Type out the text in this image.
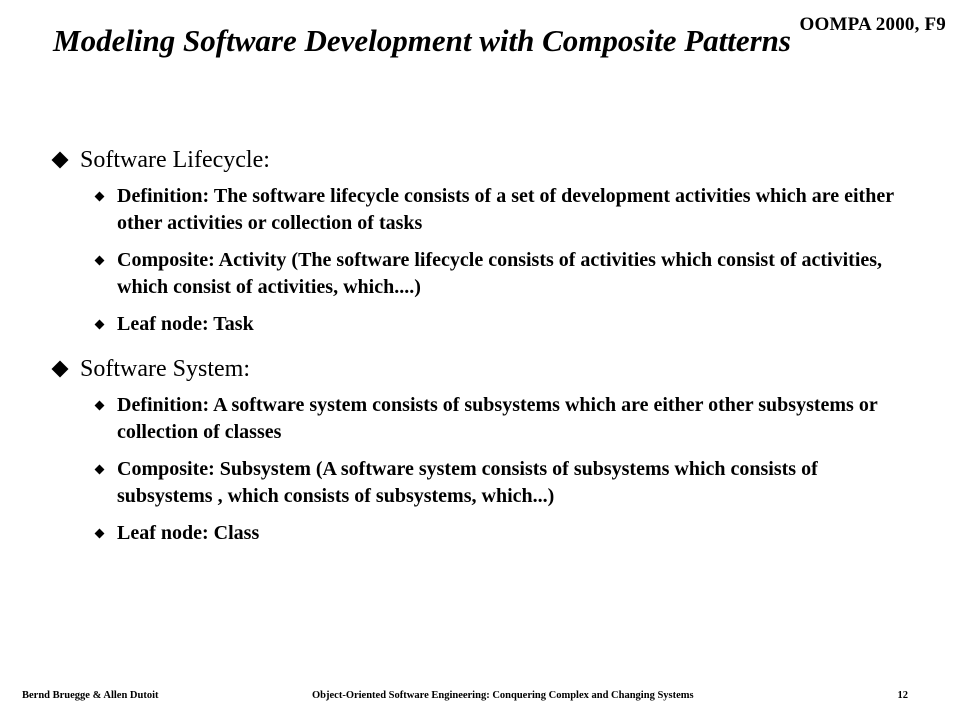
OOMPA 2000, F9
Modeling Software Development with Composite Patterns
Software Lifecycle:
Definition: The software lifecycle consists of a set of development activities which are either other activities or collection of tasks
Composite: Activity (The software lifecycle consists of activities which consist of activities, which consist of activities, which....)
Leaf node: Task
Software System:
Definition: A software system consists of subsystems which are either other subsystems or collection of classes
Composite: Subsystem (A software system consists of subsystems which consists of subsystems , which consists of subsystems, which...)
Leaf node: Class
Bernd Bruegge & Allen Dutoit	Object-Oriented Software Engineering: Conquering Complex and Changing Systems	12
